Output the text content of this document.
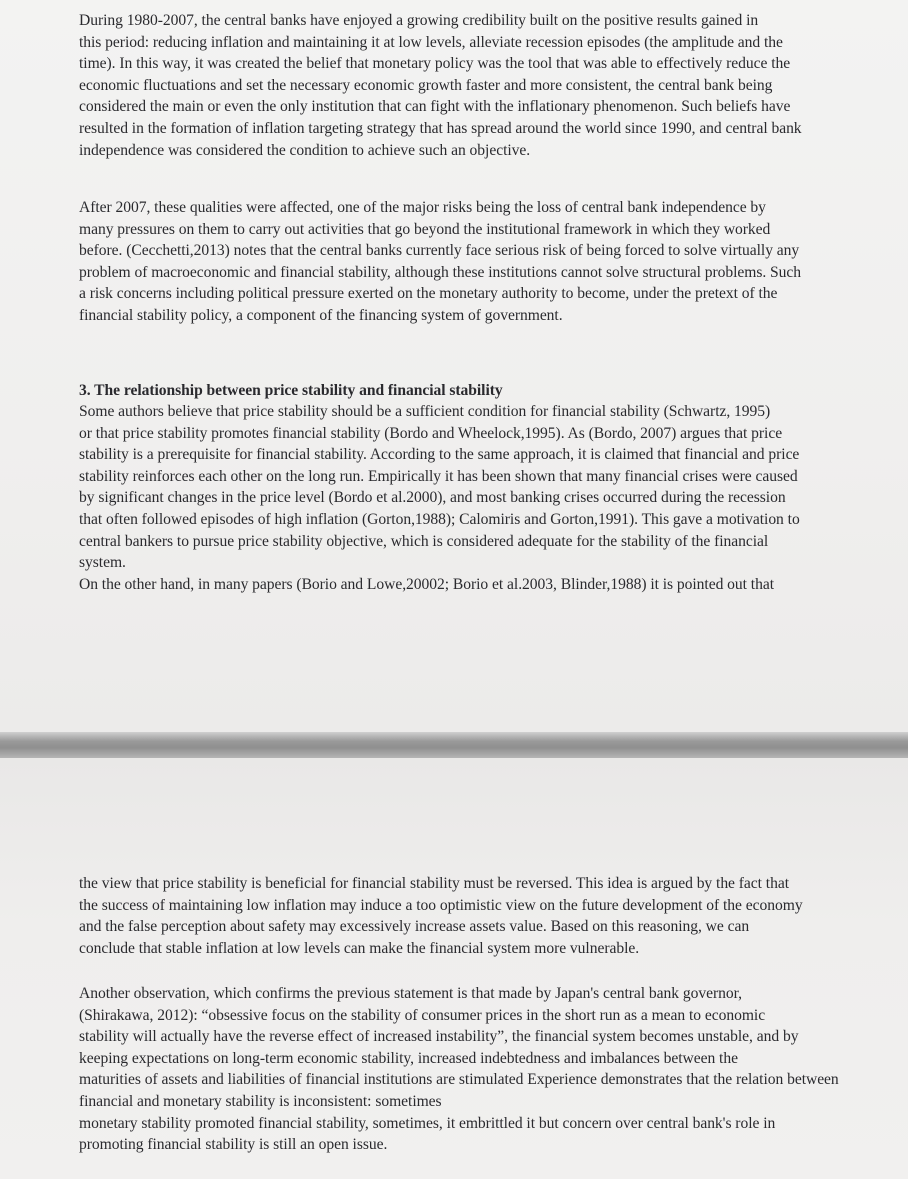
During 1980-2007, the central banks have enjoyed a growing credibility built on the positive results gained in
this period: reducing inflation and maintaining it at low levels, alleviate recession episodes (the amplitude and the
time). In this way, it was created the belief that monetary policy was the tool that was able to effectively reduce the
economic fluctuations and set the necessary economic growth faster and more consistent, the central bank being
considered the main or even the only institution that can fight with the inflationary phenomenon. Such beliefs have
resulted in the formation of inflation targeting strategy that has spread around the world since 1990, and central bank
independence was considered the condition to achieve such an objective.

After 2007, these qualities were affected, one of the major risks being the loss of central bank independence by
many pressures on them to carry out activities that go beyond the institutional framework in which they worked
before. (Cecchetti,2013) notes that the central banks currently face serious risk of being forced to solve virtually any
problem of macroeconomic and financial stability, although these institutions cannot solve structural problems. Such
a risk concerns including political pressure exerted on the monetary authority to become, under the pretext of the
financial stability policy, a component of the financing system of government.

3. The relationship between price stability and financial stability

Some authors believe that price stability should be a sufficient condition for financial stability (Schwartz, 1995)
or that price stability promotes financial stability (Bordo and Wheelock,1995). As (Bordo, 2007) argues that price
stability is a prerequisite for financial stability. According to the same approach, it is claimed that financial and price
stability reinforces each other on the long run. Empirically it has been shown that many financial crises were caused
by significant changes in the price level (Bordo et al.2000), and most banking crises occurred during the recession
that often followed episodes of high inflation (Gorton,1988); Calomiris and Gorton,1991). This gave a motivation to
central bankers to pursue price stability objective, which is considered adequate for the stability of the financial
system.
On the other hand, in many papers (Borio and Lowe,20002; Borio et al.2003, Blinder,1988) it is pointed out that

the view that price stability is beneficial for financial stability must be reversed. This idea is argued by the fact that
the success of maintaining low inflation may induce a too optimistic view on the future development of the economy
and the false perception about safety may excessively increase assets value. Based on this reasoning, we can
conclude that stable inflation at low levels can make the financial system more vulnerable.

Another observation, which confirms the previous statement is that made by Japan's central bank governor,
(Shirakawa, 2012): “obsessive focus on the stability of consumer prices in the short run as a mean to economic
stability will actually have the reverse effect of increased instability”, the financial system becomes unstable, and by
keeping expectations on long-term economic stability, increased indebtedness and imbalances between the
maturities of assets and liabilities of financial institutions are stimulated Experience demonstrates that the relation between
financial and monetary stability is inconsistent: sometimes
monetary stability promoted financial stability, sometimes, it embrittled it but concern over central bank's role in
promoting financial stability is still an open issue.
